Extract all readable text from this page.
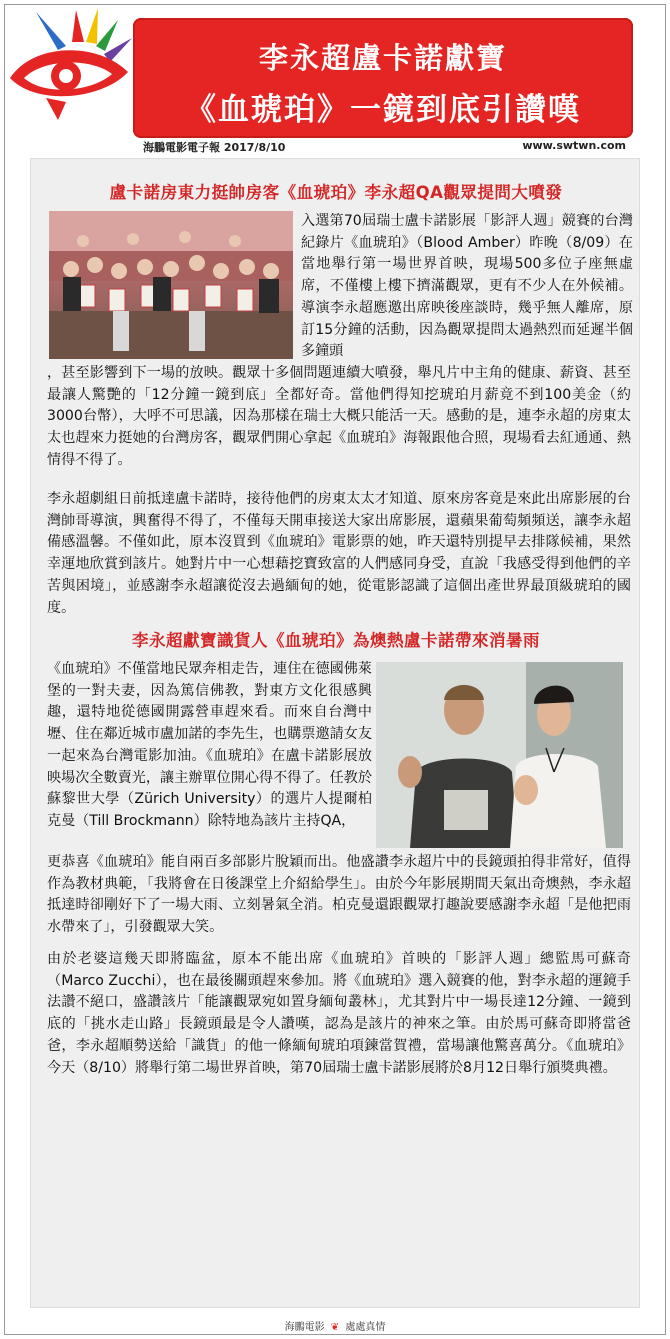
李永超盧卡諾獻寶
《血琥珀》一鏡到底引讚嘆
海鵬電影電子報 2017/8/10	www.swtwn.com
盧卡諾房東力挺帥房客《血琥珀》李永超QA觀眾提問大噴發
入選第70屆瑞士盧卡諾影展「影評人週」競賽的台灣紀錄片《血琥珀》（Blood Amber）昨晚（8/09）在當地舉行第一場世界首映，現場500多位子座無虛席，不僅樓上樓下擠滿觀眾，更有不少人在外候補。導演李永超應邀出席映後座談時，幾乎無人離席，原訂15分鐘的活動，因為觀眾提問太過熱烈而延遲半個多鐘頭
，甚至影響到下一場的放映。觀眾十多個問題連續大噴發，舉凡片中主角的健康、薪資、甚至最讓人驚艷的「12分鐘一鏡到底」全都好奇。當他們得知挖琥珀月薪竟不到100美金（約3000台幣），大呼不可思議，因為那樣在瑞士大概只能活一天。感動的是，連李永超的房東太太也趕來力挺她的台灣房客，觀眾們開心拿起《血琥珀》海報跟他合照，現場看去紅通通、熱情得不得了。
李永超劇組日前抵達盧卡諾時，接待他們的房東太太才知道、原來房客竟是來此出席影展的台灣帥哥導演，興奮得不得了，不僅每天開車接送大家出席影展，還蘋果葡萄頻頻送，讓李永超備感溫馨。不僅如此，原本沒買到《血琥珀》電影票的她，昨天還特別提早去排隊候補，果然幸運地欣賞到該片。她對片中一心想藉挖寶致富的人們感同身受，直說「我感受得到他們的辛苦與困境」，並感謝李永超讓從沒去過緬甸的她，從電影認識了這個出產世界最頂級琥珀的國度。
李永超獻寶識貨人《血琥珀》為燠熱盧卡諾帶來消暑雨
《血琥珀》不僅當地民眾奔相走告，連住在德國佛萊堡的一對夫妻，因為篤信佛教，對東方文化很感興趣，還特地從德國開露營車趕來看。而來自台灣中壢、住在鄰近城市盧加諾的李先生，也購票邀請女友一起來為台灣電影加油。《血琥珀》在盧卡諾影展放映場次全數賣光，讓主辦單位開心得不得了。任教於蘇黎世大學（Zürich University）的選片人提爾柏克曼（Till Brockmann）除特地為該片主持QA，
更恭喜《血琥珀》能自兩百多部影片脫穎而出。他盛讚李永超片中的長鏡頭拍得非常好，值得作為教材典範，「我將會在日後課堂上介紹給學生」。由於今年影展期間天氣出奇燠熱，李永超抵達時卻剛好下了一場大雨、立刻暑氣全消。柏克曼還跟觀眾打趣說要感謝李永超「是他把雨水帶來了」，引發觀眾大笑。
由於老婆這幾天即將臨盆，原本不能出席《血琥珀》首映的「影評人週」總監馬可蘇奇（Marco Zucchi），也在最後關頭趕來參加。將《血琥珀》選入競賽的他，對李永超的運鏡手法讚不絕口，盛讚該片「能讓觀眾宛如置身緬甸叢林」，尤其對片中一場長達12分鐘、一鏡到底的「挑水走山路」長鏡頭最是令人讚嘆，認為是該片的神來之筆。由於馬可蘇奇即將當爸爸，李永超順勢送給「識貨」的他一條緬甸琥珀項鍊當賀禮，當場讓他驚喜萬分。《血琥珀》今天（8/10）將舉行第二場世界首映，第70屆瑞士盧卡諾影展將於8月12日舉行頒獎典禮。
海鵬電影 ❦ 處處真情
